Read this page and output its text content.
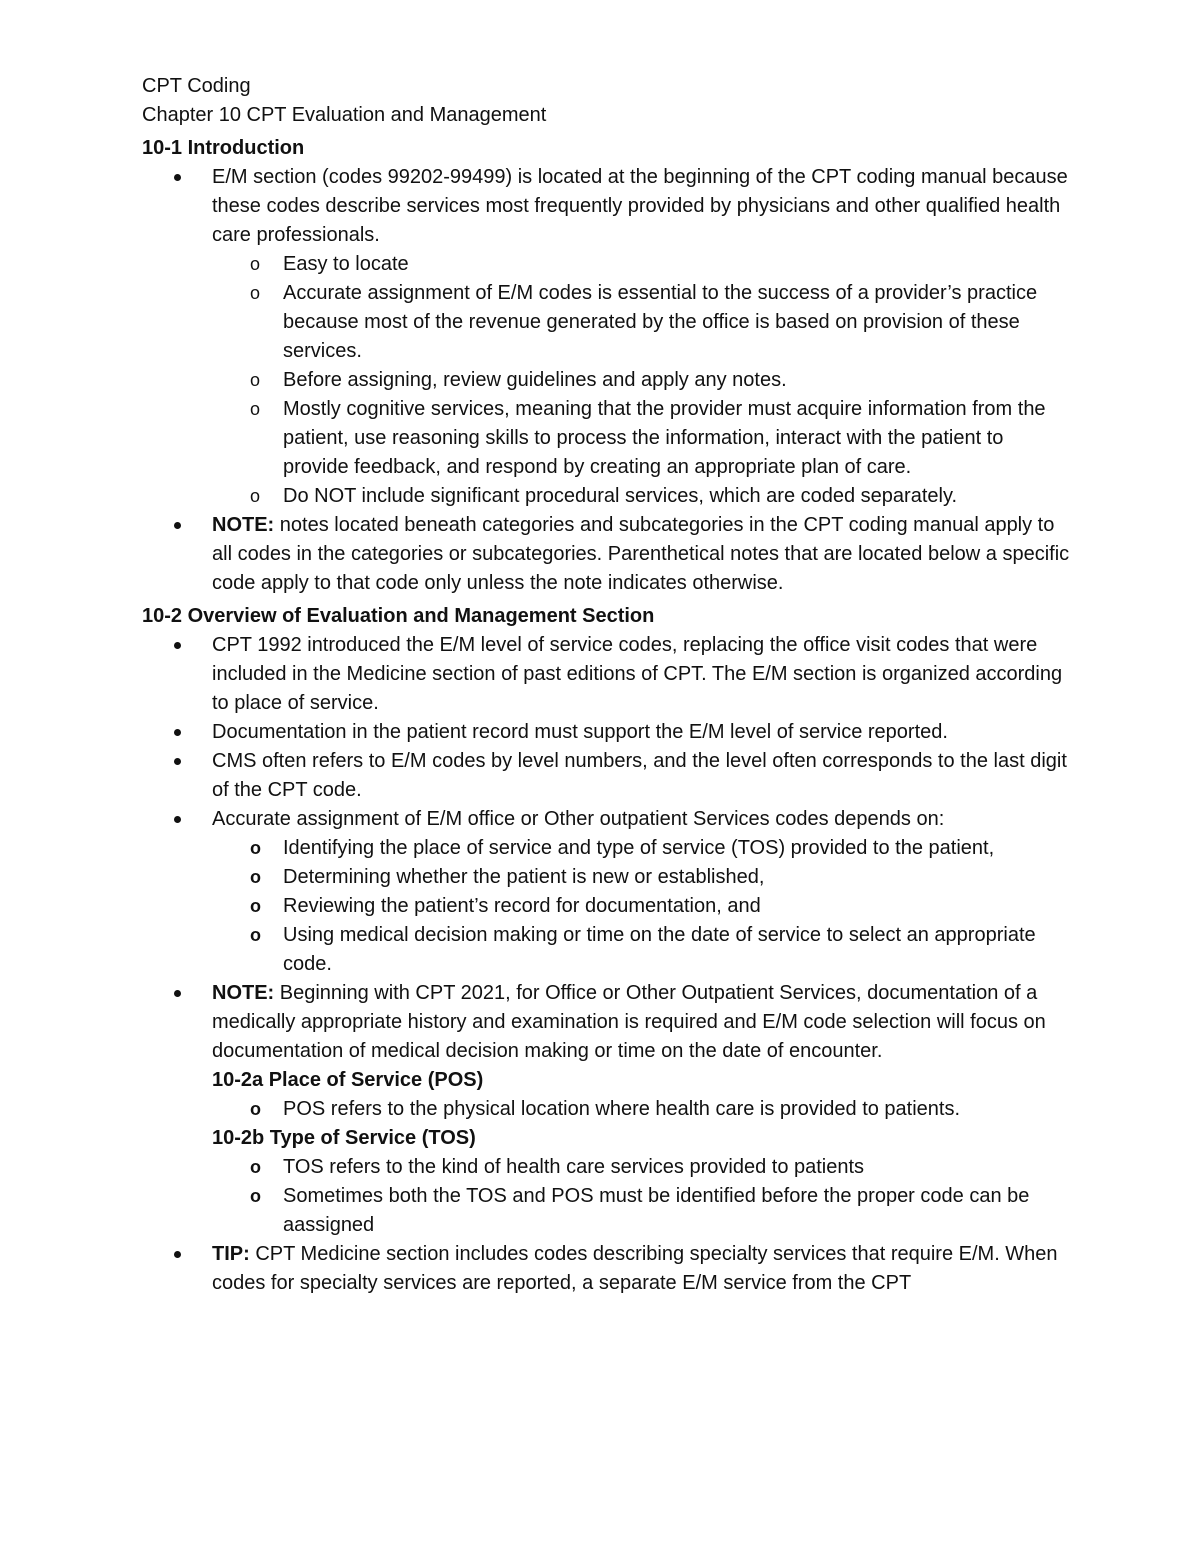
CPT Coding

Chapter 10 CPT Evaluation and Management

10-1 Introduction

E/M section (codes 99202-99499) is located at the beginning of the CPT coding manual because these codes describe services most frequently provided by physicians and other qualified health care professionals.
o Easy to locate
o Accurate assignment of E/M codes is essential to the success of a provider’s practice because most of the revenue generated by the office is based on provision of these services.
o Before assigning, review guidelines and apply any notes.
o Mostly cognitive services, meaning that the provider must acquire information from the patient, use reasoning skills to process the information, interact with the patient to provide feedback, and respond by creating an appropriate plan of care.
o Do NOT include significant procedural services, which are coded separately.
NOTE: notes located beneath categories and subcategories in the CPT coding manual apply to all codes in the categories or subcategories. Parenthetical notes that are located below a specific code apply to that code only unless the note indicates otherwise.

10-2 Overview of Evaluation and Management Section

CPT 1992 introduced the E/M level of service codes, replacing the office visit codes that were included in the Medicine section of past editions of CPT. The E/M section is organized according to place of service.
Documentation in the patient record must support the E/M level of service reported.
CMS often refers to E/M codes by level numbers, and the level often corresponds to the last digit of the CPT code.
Accurate assignment of E/M office or Other outpatient Services codes depends on:
o Identifying the place of service and type of service (TOS) provided to the patient,
o Determining whether the patient is new or established,
o Reviewing the patient’s record for documentation, and
o Using medical decision making or time on the date of service to select an appropriate code.
NOTE: Beginning with CPT 2021, for Office or Other Outpatient Services, documentation of a medically appropriate history and examination is required and E/M code selection will focus on documentation of medical decision making or time on the date of encounter.

10-2a Place of Service (POS)

o POS refers to the physical location where health care is provided to patients.

10-2b Type of Service (TOS)

o TOS refers to the kind of health care services provided to patients
o Sometimes both the TOS and POS must be identified before the proper code can be aassigned
TIP: CPT Medicine section includes codes describing specialty services that require E/M. When codes for specialty services are reported, a separate E/M service from the CPT
